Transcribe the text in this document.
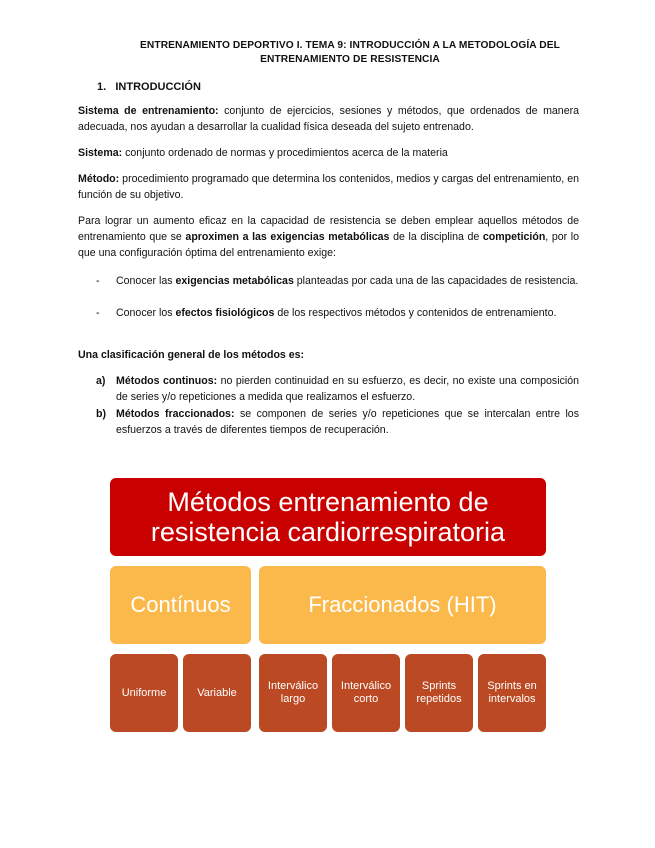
ENTRENAMIENTO DEPORTIVO I. TEMA 9: INTRODUCCIÓN A LA METODOLOGÍA DEL
ENTRENAMIENTO DE RESISTENCIA
1. INTRODUCCIÓN
Sistema de entrenamiento: conjunto de ejercicios, sesiones y métodos, que ordenados de manera adecuada, nos ayudan a desarrollar la cualidad física deseada del sujeto entrenado.
Sistema: conjunto ordenado de normas y procedimientos acerca de la materia
Método: procedimiento programado que determina los contenidos, medios y cargas del entrenamiento, en función de su objetivo.
Para lograr un aumento eficaz en la capacidad de resistencia se deben emplear aquellos métodos de entrenamiento que se aproximen a las exigencias metabólicas de la disciplina de competición, por lo que una configuración óptima del entrenamiento exige:
- Conocer las exigencias metabólicas planteadas por cada una de las capacidades de resistencia.
- Conocer los efectos fisiológicos de los respectivos métodos y contenidos de entrenamiento.
Una clasificación general de los métodos es:
a) Métodos continuos: no pierden continuidad en su esfuerzo, es decir, no existe una composición de series y/o repeticiones a medida que realizamos el esfuerzo.
b) Métodos fraccionados: se componen de series y/o repeticiones que se intercalan entre los esfuerzos a través de diferentes tiempos de recuperación.
Métodos entrenamiento de
resistencia cardiorrespiratoria
Contínuos	Fraccionados (HIT)
Uniforme	Variable
Interválico
largo
Interválico
corto
Sprints
repetidos
Sprints en
intervalos
